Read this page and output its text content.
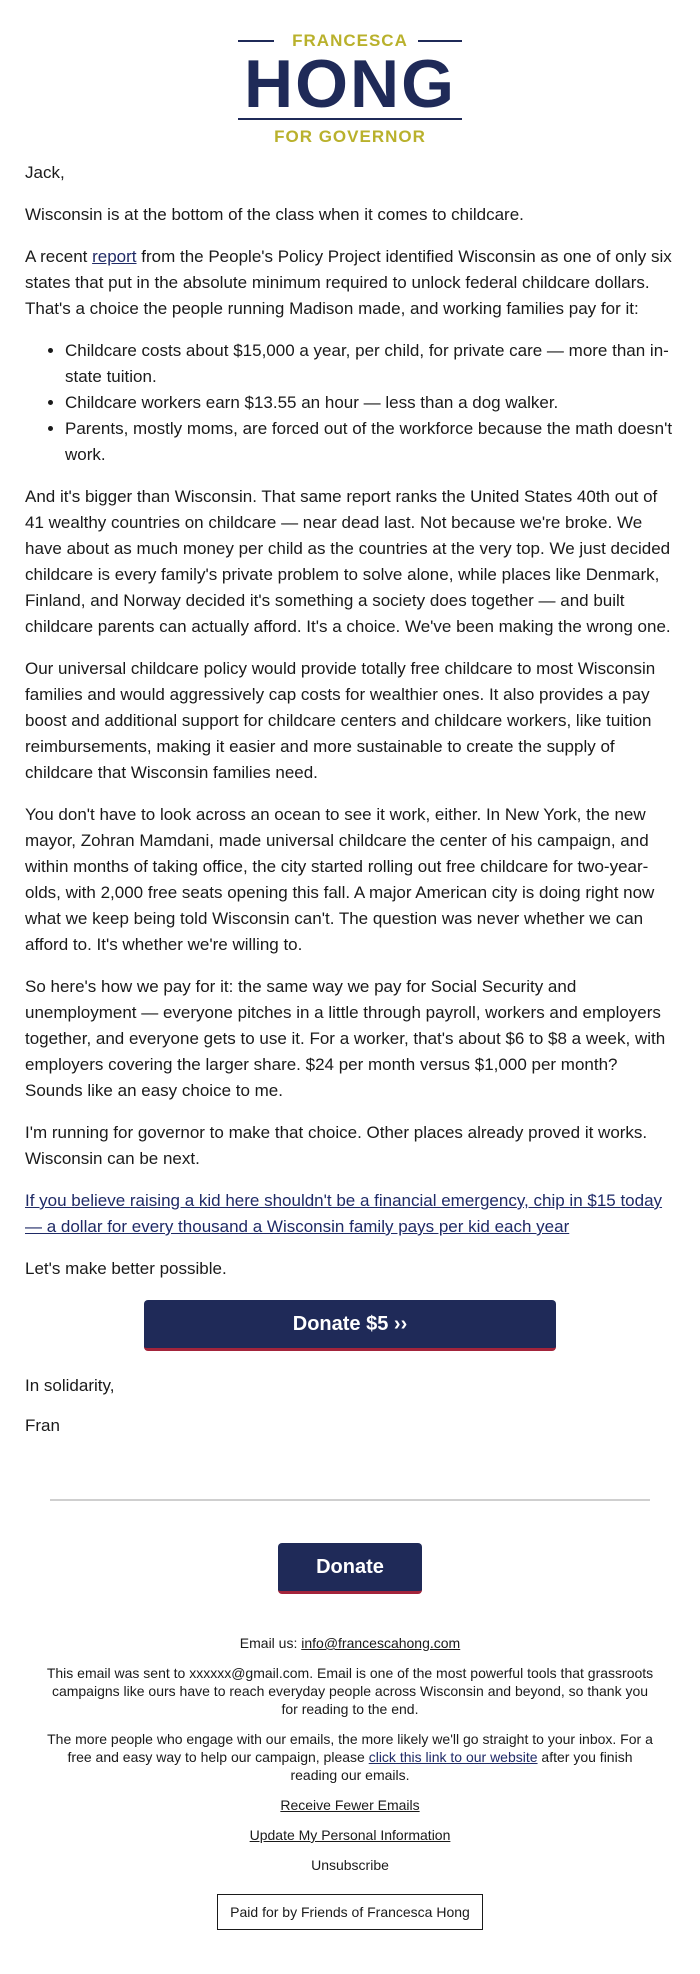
FRANCESCA
HONG
FOR GOVERNOR

Jack,

Wisconsin is at the bottom of the class when it comes to childcare.

A recent report from the People's Policy Project identified Wisconsin as one of only six states that put in the absolute minimum required to unlock federal childcare dollars. That's a choice the people running Madison made, and working families pay for it:

• Childcare costs about $15,000 a year, per child, for private care — more than in-state tuition.
• Childcare workers earn $13.55 an hour — less than a dog walker.
• Parents, mostly moms, are forced out of the workforce because the math doesn't work.

And it's bigger than Wisconsin. That same report ranks the United States 40th out of 41 wealthy countries on childcare — near dead last. Not because we're broke. We have about as much money per child as the countries at the very top. We just decided childcare is every family's private problem to solve alone, while places like Denmark, Finland, and Norway decided it's something a society does together — and built childcare parents can actually afford. It's a choice. We've been making the wrong one.

Our universal childcare policy would provide totally free childcare to most Wisconsin families and would aggressively cap costs for wealthier ones. It also provides a pay boost and additional support for childcare centers and childcare workers, like tuition reimbursements, making it easier and more sustainable to create the supply of childcare that Wisconsin families need.

You don't have to look across an ocean to see it work, either. In New York, the new mayor, Zohran Mamdani, made universal childcare the center of his campaign, and within months of taking office, the city started rolling out free childcare for two-year-olds, with 2,000 free seats opening this fall. A major American city is doing right now what we keep being told Wisconsin can't. The question was never whether we can afford to. It's whether we're willing to.

So here's how we pay for it: the same way we pay for Social Security and unemployment — everyone pitches in a little through payroll, workers and employers together, and everyone gets to use it. For a worker, that's about $6 to $8 a week, with employers covering the larger share. $24 per month versus $1,000 per month? Sounds like an easy choice to me.

I'm running for governor to make that choice. Other places already proved it works. Wisconsin can be next.

If you believe raising a kid here shouldn't be a financial emergency, chip in $15 today — a dollar for every thousand a Wisconsin family pays per kid each year

Let's make better possible.

Donate $5 ››

In solidarity,

Fran

Donate

Email us: info@francescahong.com

This email was sent to xxxxxx@gmail.com. Email is one of the most powerful tools that grassroots campaigns like ours have to reach everyday people across Wisconsin and beyond, so thank you for reading to the end.

The more people who engage with our emails, the more likely we'll go straight to your inbox. For a free and easy way to help our campaign, please click this link to our website after you finish reading our emails.

Receive Fewer Emails

Update My Personal Information

Unsubscribe

Paid for by Friends of Francesca Hong
